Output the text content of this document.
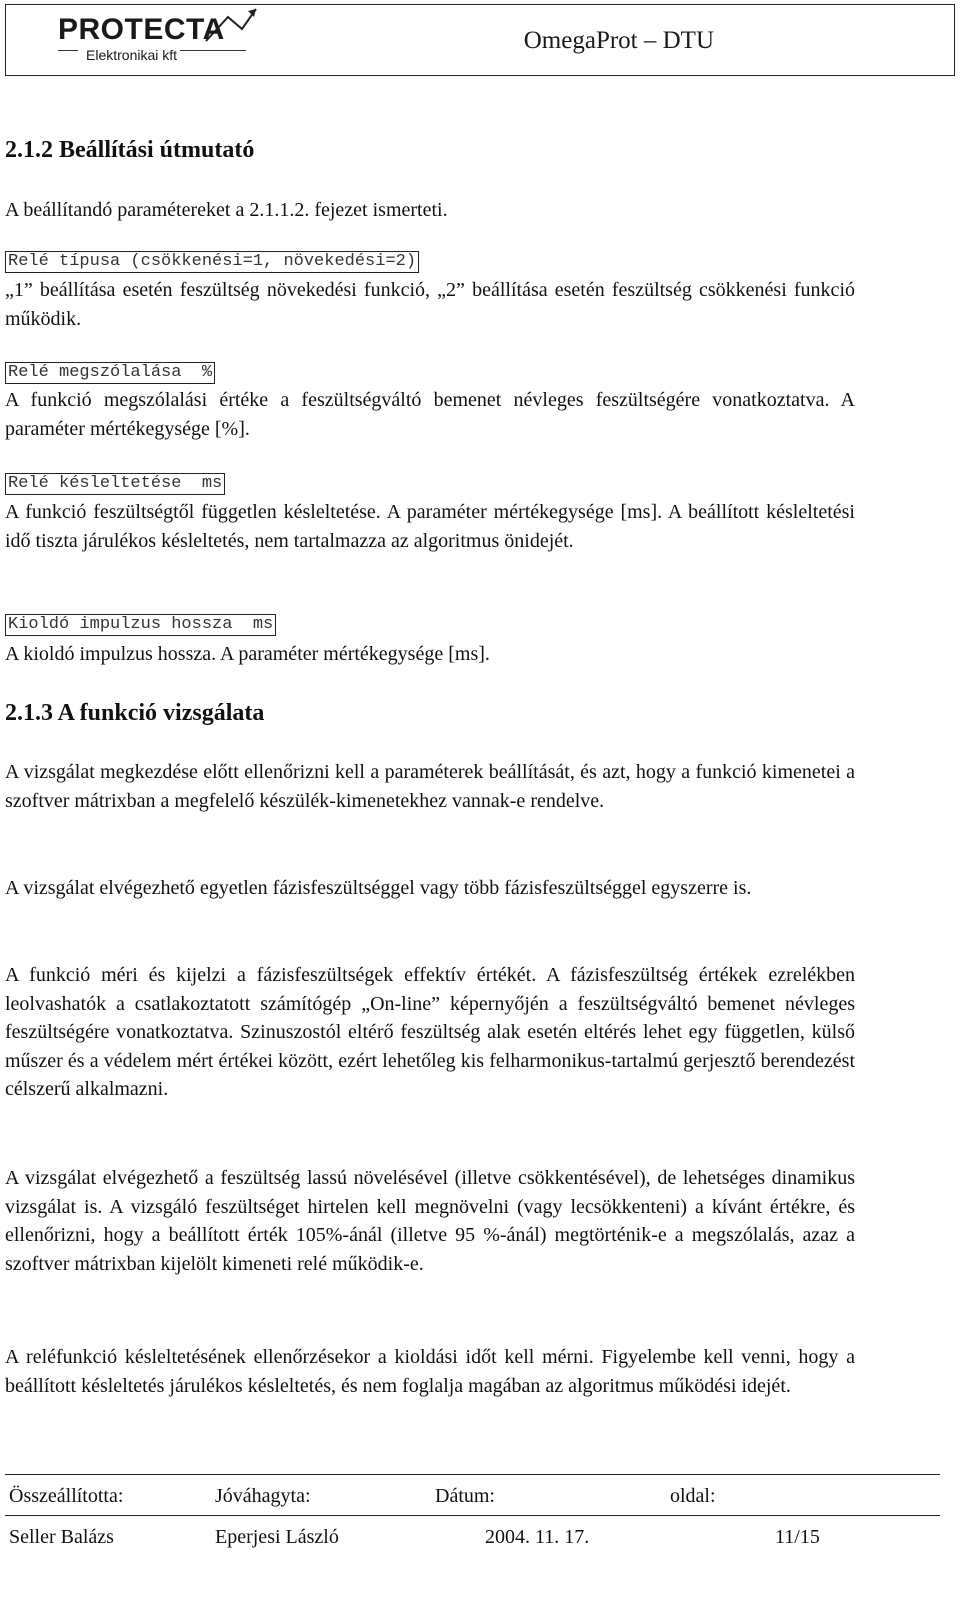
PROTECTA
Elektronikai kft
OmegaProt – DTU
2.1.2 Beállítási útmutató
A beállítandó paramétereket a 2.1.1.2. fejezet ismerteti.
Relé típusa (csökkenési=1, növekedési=2)
„1” beállítása esetén feszültség növekedési funkció, „2” beállítása esetén feszültség csökkenési funkció működik.
Relé megszólalása  %
A funkció megszólalási értéke a feszültségváltó bemenet névleges feszültségére vonatkoztatva. A paraméter mértékegysége [%].
Relé késleltetése  ms
A funkció feszültségtől független késleltetése. A paraméter mértékegysége [ms]. A beállított késleltetési idő tiszta járulékos késleltetés, nem tartalmazza az algoritmus önidejét.
Kioldó impulzus hossza  ms
A kioldó impulzus hossza. A paraméter mértékegysége [ms].
2.1.3 A funkció vizsgálata
A vizsgálat megkezdése előtt ellenőrizni kell a paraméterek beállítását, és azt, hogy a funkció kimenetei a szoftver mátrixban a megfelelő készülék-kimenetekhez vannak-e rendelve.
A vizsgálat elvégezhető egyetlen fázisfeszültséggel vagy több fázisfeszültséggel egyszerre is.
A funkció méri és kijelzi a fázisfeszültségek effektív értékét. A fázisfeszültség értékek ezrelékben leolvashatók a csatlakoztatott számítógép „On-line” képernyőjén a feszültségváltó bemenet névleges feszültségére vonatkoztatva. Szinuszostól eltérő feszültség alak esetén eltérés lehet egy független, külső műszer és a védelem mért értékei között, ezért lehetőleg kis felharmonikus-tartalmú gerjesztő berendezést célszerű alkalmazni.
A vizsgálat elvégezhető a feszültség lassú növelésével (illetve csökkentésével), de lehetséges dinamikus vizsgálat is. A vizsgáló feszültséget hirtelen kell megnövelni (vagy lecsökkenteni) a kívánt értékre, és ellenőrizni, hogy a beállított érték 105%-ánál (illetve 95 %-ánál) megtörténik-e a megszólalás, azaz a szoftver mátrixban kijelölt kimeneti relé működik-e.
A reléfunkció késleltetésének ellenőrzésekor a kioldási időt kell mérni. Figyelembe kell venni, hogy a beállított késleltetés járulékos késleltetés, és nem foglalja magában az algoritmus működési idejét.
Összeállította:	Jóváhagyta:	Dátum:	oldal:
Seller Balázs	Eperjesi László	2004. 11. 17.	11/15
